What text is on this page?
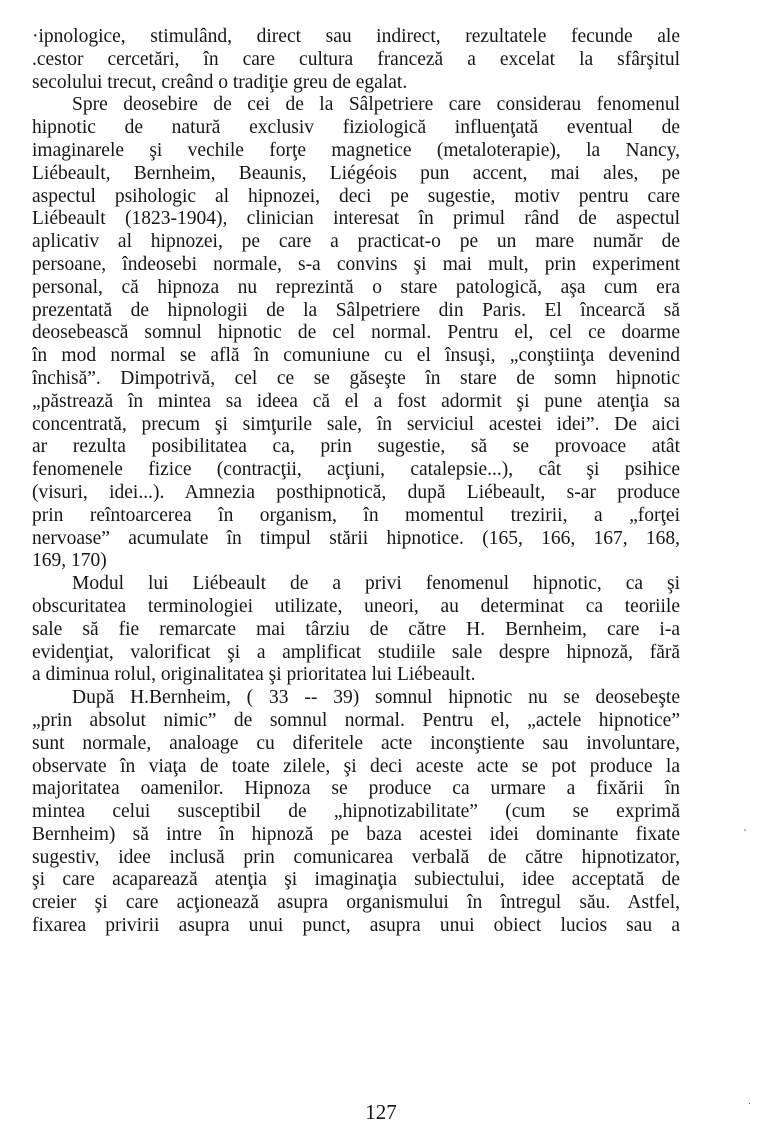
·ipnologice, stimulând, direct sau indirect, rezultatele fecunde ale
.cestor cercetări, în care cultura franceză a excelat la sfârşitul
secolului trecut, creând o tradiţie greu de egalat.
Spre deosebire de cei de la Sâlpetriere care considerau fenomenul
hipnotic de natură exclusiv fiziologică influenţată eventual de
imaginarele şi vechile forţe magnetice (metaloterapie), la Nancy,
Liébeault, Bernheim, Beaunis, Liégéois pun accent, mai ales, pe
aspectul psihologic al hipnozei, deci pe sugestie, motiv pentru care
Liébeault (1823-1904), clinician interesat în primul rând de aspectul
aplicativ al hipnozei, pe care a practicat-o pe un mare număr de
persoane, îndeosebi normale, s-a convins şi mai mult, prin experiment
personal, că hipnoza nu reprezintă o stare patologică, aşa cum era
prezentată de hipnologii de la Sâlpetriere din Paris. El încearcă să
deosebească somnul hipnotic de cel normal. Pentru el, cel ce doarme
în mod normal se află în comuniune cu el însuşi, „conştiinţa devenind
închisă”. Dimpotrivă, cel ce se găseşte în stare de somn hipnotic
„păstrează în mintea sa ideea că el a fost adormit şi pune atenţia sa
concentrată, precum şi simţurile sale, în serviciul acestei idei”. De aici
ar rezulta posibilitatea ca, prin sugestie, să se provoace atât
fenomenele fizice (contracţii, acţiuni, catalepsie...), cât şi psihice
(visuri, idei...). Amnezia posthipnotică, după Liébeault, s-ar produce
prin reîntoarcerea în organism, în momentul trezirii, a „forţei
nervoase” acumulate în timpul stării hipnotice. (165, 166, 167, 168,
169, 170)
Modul lui Liébeault de a privi fenomenul hipnotic, ca şi
obscuritatea terminologiei utilizate, uneori, au determinat ca teoriile
sale să fie remarcate mai târziu de către H. Bernheim, care i-a
evidenţiat, valorificat şi a amplificat studiile sale despre hipnoză, fără
a diminua rolul, originalitatea şi prioritatea lui Liébeault.
După H.Bernheim, ( 33 -- 39) somnul hipnotic nu se deosebeşte
„prin absolut nimic” de somnul normal. Pentru el, „actele hipnotice”
sunt normale, analoage cu diferitele acte inconştiente sau involuntare,
observate în viaţa de toate zilele, şi deci aceste acte se pot produce la
majoritatea oamenilor. Hipnoza se produce ca urmare a fixării în
mintea celui susceptibil de „hipnotizabilitate” (cum se exprimă
Bernheim) să intre în hipnoză pe baza acestei idei dominante fixate
sugestiv, idee inclusă prin comunicarea verbală de către hipnotizator,
şi care acaparează atenţia şi imaginaţia subiectului, idee acceptată de
creier şi care acţionează asupra organismului în întregul său. Astfel,
fixarea privirii asupra unui punct, asupra unui obiect lucios sau a
'
.
127
